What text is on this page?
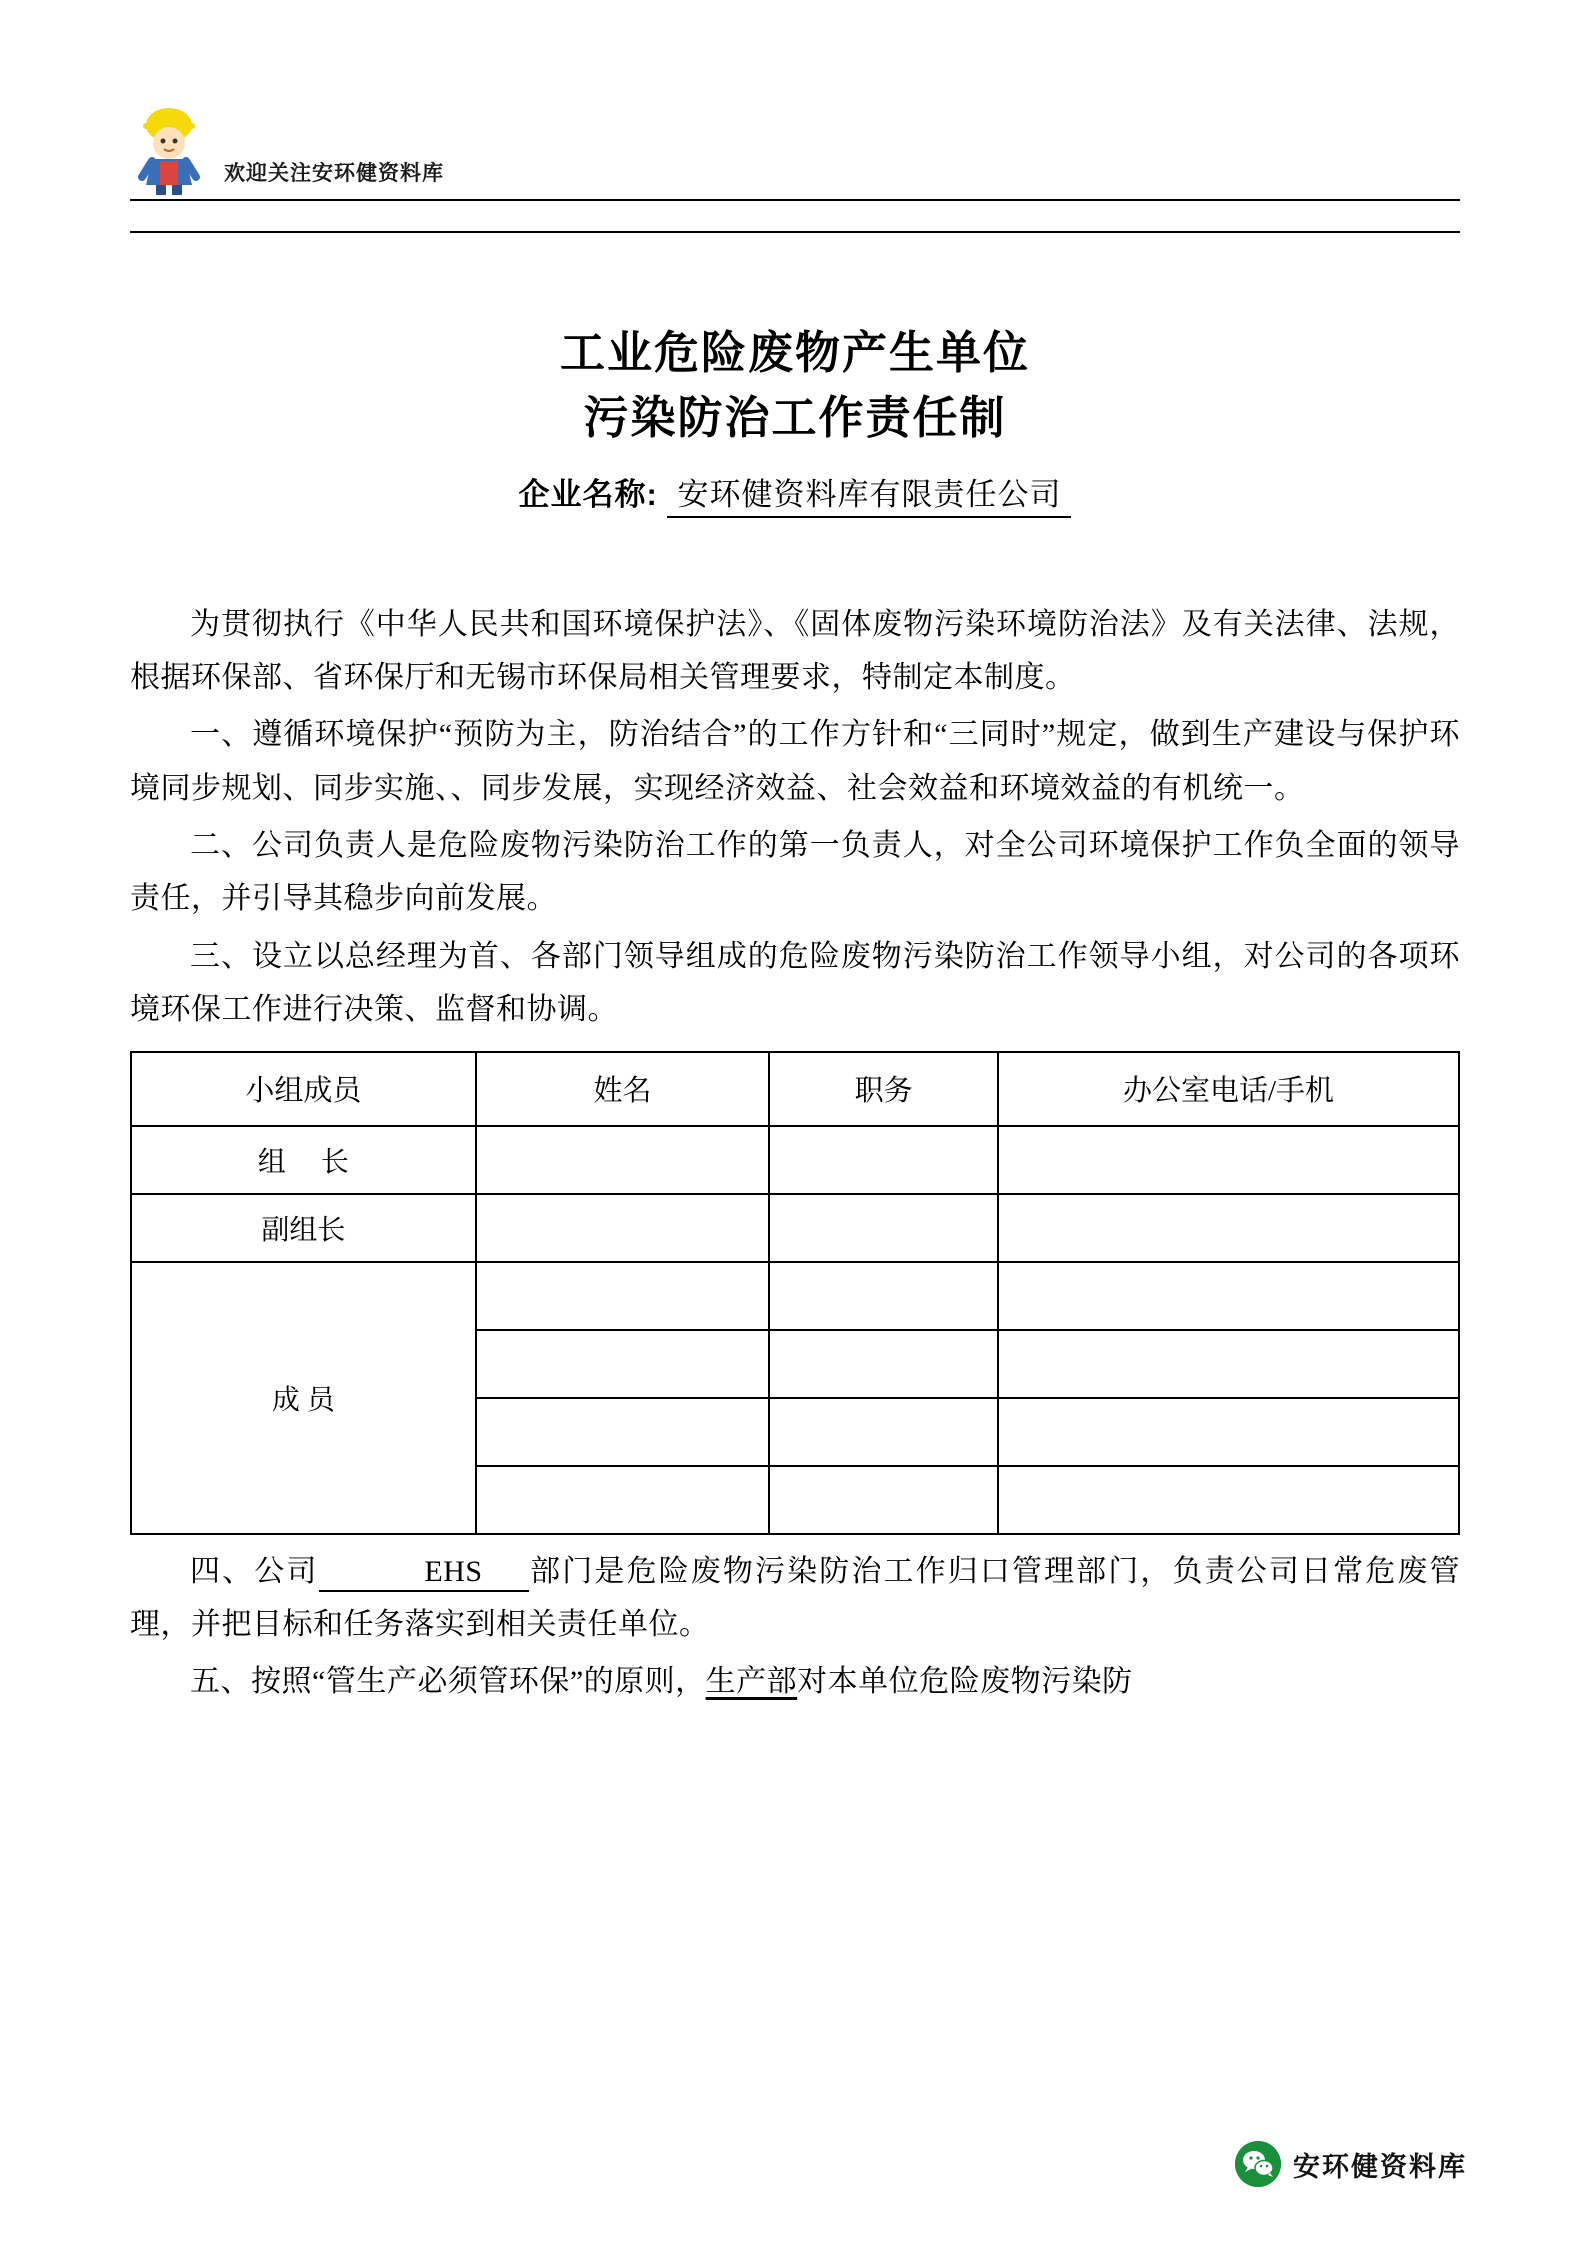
欢迎关注安环健资料库
工业危险废物产生单位
污染防治工作责任制
企业名称: 安环健资料库有限责任公司

为贯彻执行《中华人民共和国环境保护法》、《固体废物污染环境防治法》及有关法律、法规，根据环保部、省环保厅和无锡市环保局相关管理要求，特制定本制度。

一、遵循环境保护“预防为主，防治结合”的工作方针和“三同时”规定，做到生产建设与保护环境同步规划、同步实施、、同步发展，实现经济效益、社会效益和环境效益的有机统一。

二、公司负责人是危险废物污染防治工作的第一负责人，对全公司环境保护工作负全面的领导责任，并引导其稳步向前发展。

三、设立以总经理为首、各部门领导组成的危险废物污染防治工作领导小组，对公司的各项环境环保工作进行决策、监督和协调。

小组成员	姓名	职务	办公室电话/手机
组 长			
副组长			
成 员			

四、公司	EHS 部门是危险废物污染防治工作归口管理部门，负责公司日常危废管理，并把目标和任务落实到相关责任单位。

五、按照“管生产必须管环保”的原则，生产部对本单位危险废物污染防

安环健资料库
